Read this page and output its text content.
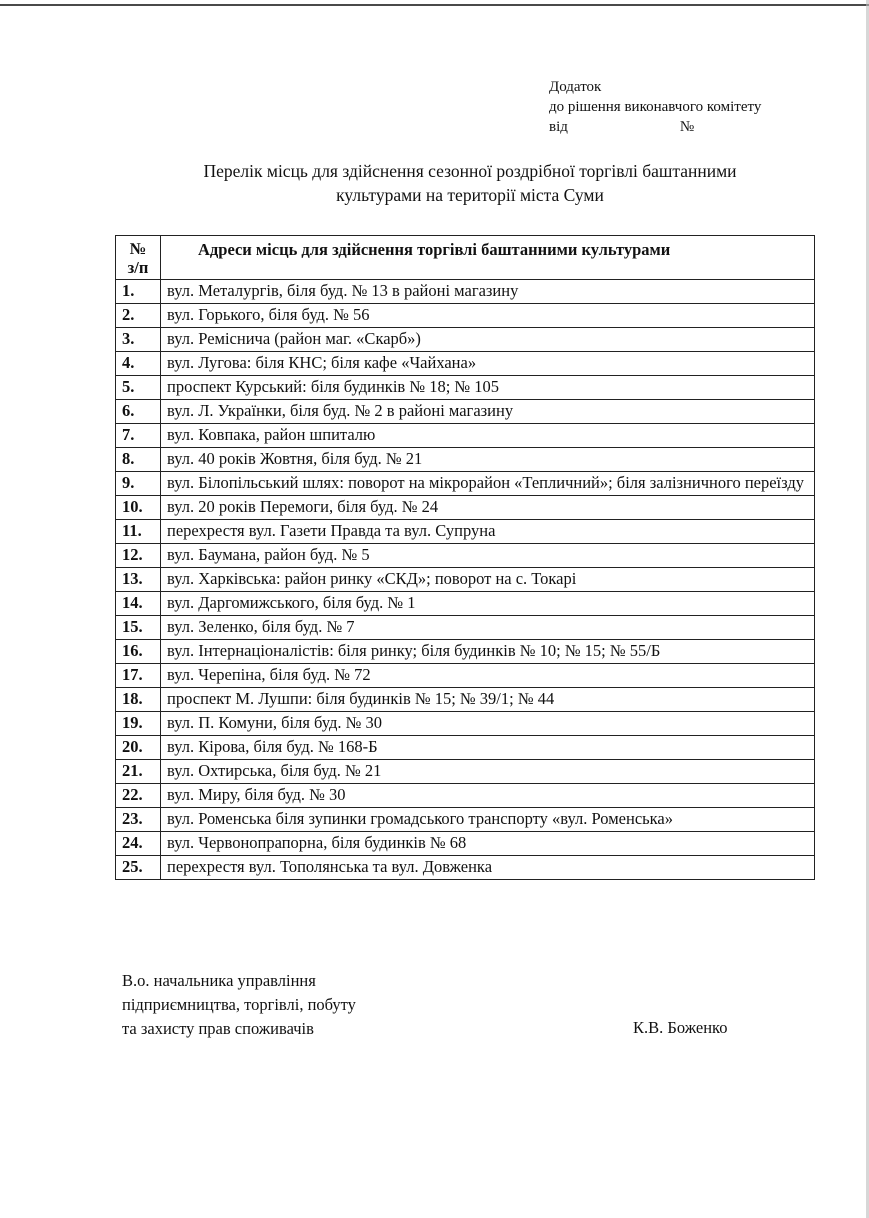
Додаток
до рішення виконавчого комітету
від	№
Перелік місць для здійснення сезонної роздрібної торгівлі баштанними
культурами на території міста Суми
№
з/п	Адреси місць для здійснення торгівлі баштанними культурами
1.	вул. Металургів, біля буд. № 13 в районі магазину
2.	вул. Горького, біля буд. № 56
3.	вул. Реміснича (район маг. «Скарб»)
4.	вул. Лугова: біля КНС; біля кафе «Чайхана»
5.	проспект Курський: біля будинків № 18; № 105
6.	вул. Л. Українки, біля буд. № 2 в районі магазину
7.	вул. Ковпака, район шпиталю
8.	вул. 40 років Жовтня, біля буд. № 21
9.	вул. Білопільський шлях: поворот на мікрорайон «Тепличний»; біля залізничного переїзду
10.	вул. 20 років Перемоги, біля буд. № 24
11.	перехрестя вул. Газети Правда та вул. Супруна
12.	вул. Баумана, район буд. № 5
13.	вул. Харківська: район ринку «СКД»; поворот на с. Токарі
14.	вул. Даргомижського, біля буд. № 1
15.	вул. Зеленко, біля буд. № 7
16.	вул. Інтернаціоналістів: біля ринку; біля будинків № 10; № 15; № 55/Б
17.	вул. Черепіна, біля буд. № 72
18.	проспект М. Лушпи: біля будинків № 15; № 39/1; № 44
19.	вул. П. Комуни, біля буд. № 30
20.	вул. Кірова, біля буд. № 168-Б
21.	вул. Охтирська, біля буд. № 21
22.	вул. Миру, біля буд. № 30
23.	вул. Роменська біля зупинки громадського транспорту «вул. Роменська»
24.	вул. Червонопрапорна, біля будинків № 68
25.	перехрестя вул. Тополянська та вул. Довженка
В.о. начальника управління
підприємництва, торгівлі, побуту
та захисту прав споживачів	К.В. Боженко
